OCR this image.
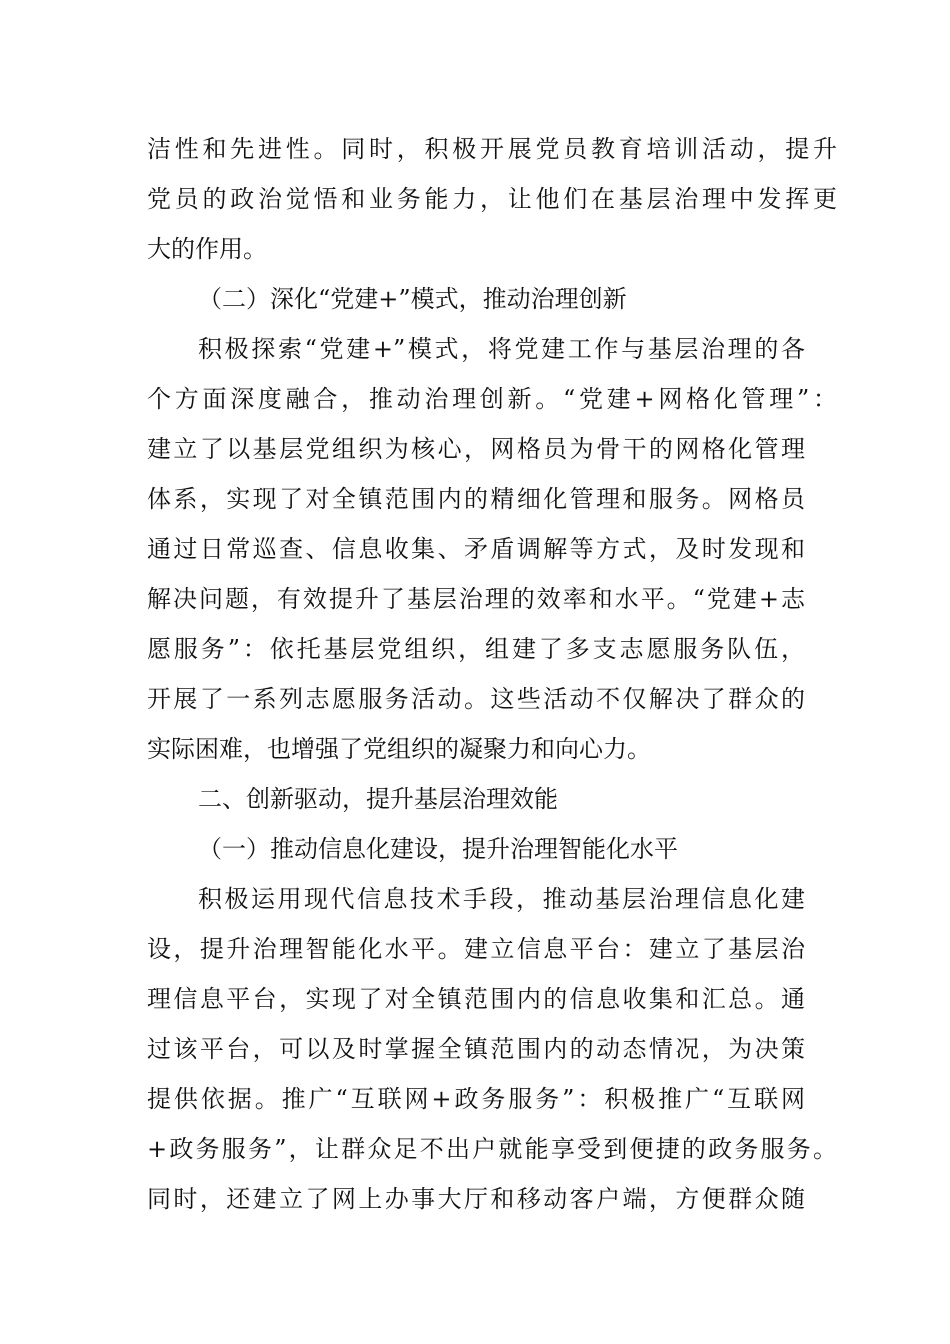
洁性和先进性。同时，积极开展党员教育培训活动，提升
党员的政治觉悟和业务能力，让他们在基层治理中发挥更
大的作用。
（二）深化“党建+”模式，推动治理创新
积极探索“党建+”模式，将党建工作与基层治理的各
个方面深度融合，推动治理创新。“党建+网格化管理”：
建立了以基层党组织为核心，网格员为骨干的网格化管理
体系，实现了对全镇范围内的精细化管理和服务。网格员
通过日常巡查、信息收集、矛盾调解等方式，及时发现和
解决问题，有效提升了基层治理的效率和水平。“党建+志
愿服务”：依托基层党组织，组建了多支志愿服务队伍，
开展了一系列志愿服务活动。这些活动不仅解决了群众的
实际困难，也增强了党组织的凝聚力和向心力。
二、创新驱动，提升基层治理效能
（一）推动信息化建设，提升治理智能化水平
积极运用现代信息技术手段，推动基层治理信息化建
设，提升治理智能化水平。建立信息平台：建立了基层治
理信息平台，实现了对全镇范围内的信息收集和汇总。通
过该平台，可以及时掌握全镇范围内的动态情况，为决策
提供依据。推广“互联网+政务服务”：积极推广“互联网
+政务服务”，让群众足不出户就能享受到便捷的政务服务。
同时，还建立了网上办事大厅和移动客户端，方便群众随
